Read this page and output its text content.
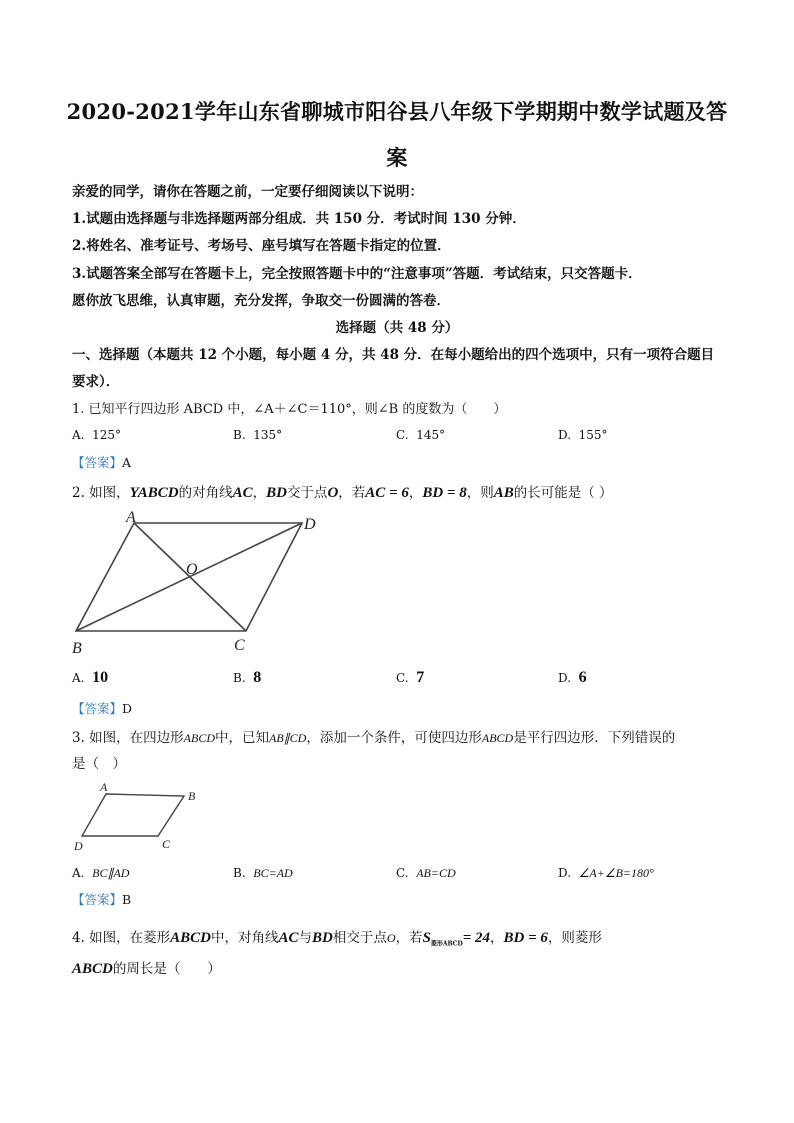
2020-2021学年山东省聊城市阳谷县八年级下学期期中数学试题及答
案
亲爱的同学，请你在答题之前，一定要仔细阅读以下说明：
1.试题由选择题与非选择题两部分组成．共 150 分．考试时间 130 分钟．
2.将姓名、准考证号、考场号、座号填写在答题卡指定的位置．
3.试题答案全部写在答题卡上，完全按照答题卡中的“注意事项”答题．考试结束，只交答题卡．
愿你放飞思维，认真审题，充分发挥，争取交一份圆满的答卷．
选择题（共 48 分）
一、选择题（本题共 12 个小题，每小题 4 分，共 48 分．在每小题给出的四个选项中，只有一项符合题目
要求）．
1. 已知平行四边形 ABCD 中，∠A＋∠C＝110°，则∠B 的度数为（　　）
A. 125°	B. 135°	C. 145°	D. 155°
【答案】A
2. 如图，YABCD的对角线AC，BD交于点O，若AC = 6，BD = 8，则AB的长可能是（ ）
A	D
O
B	C
A. 10	B. 8	C. 7	D. 6
【答案】D
3. 如图，在四边形ABCD中，已知AB∥CD，添加一个条件，可使四边形ABCD是平行四边形．下列错误的
是（　）
A
B
C
D
A. BC∥AD	B. BC=AD	C. AB=CD	D. ∠A+∠B=180°
【答案】B
4. 如图，在菱形ABCD中，对角线AC与BD相交于点O，若$S_{菱形ABCD}= 24$，BD = 6，则菱形
ABCD的周长是（　　）
